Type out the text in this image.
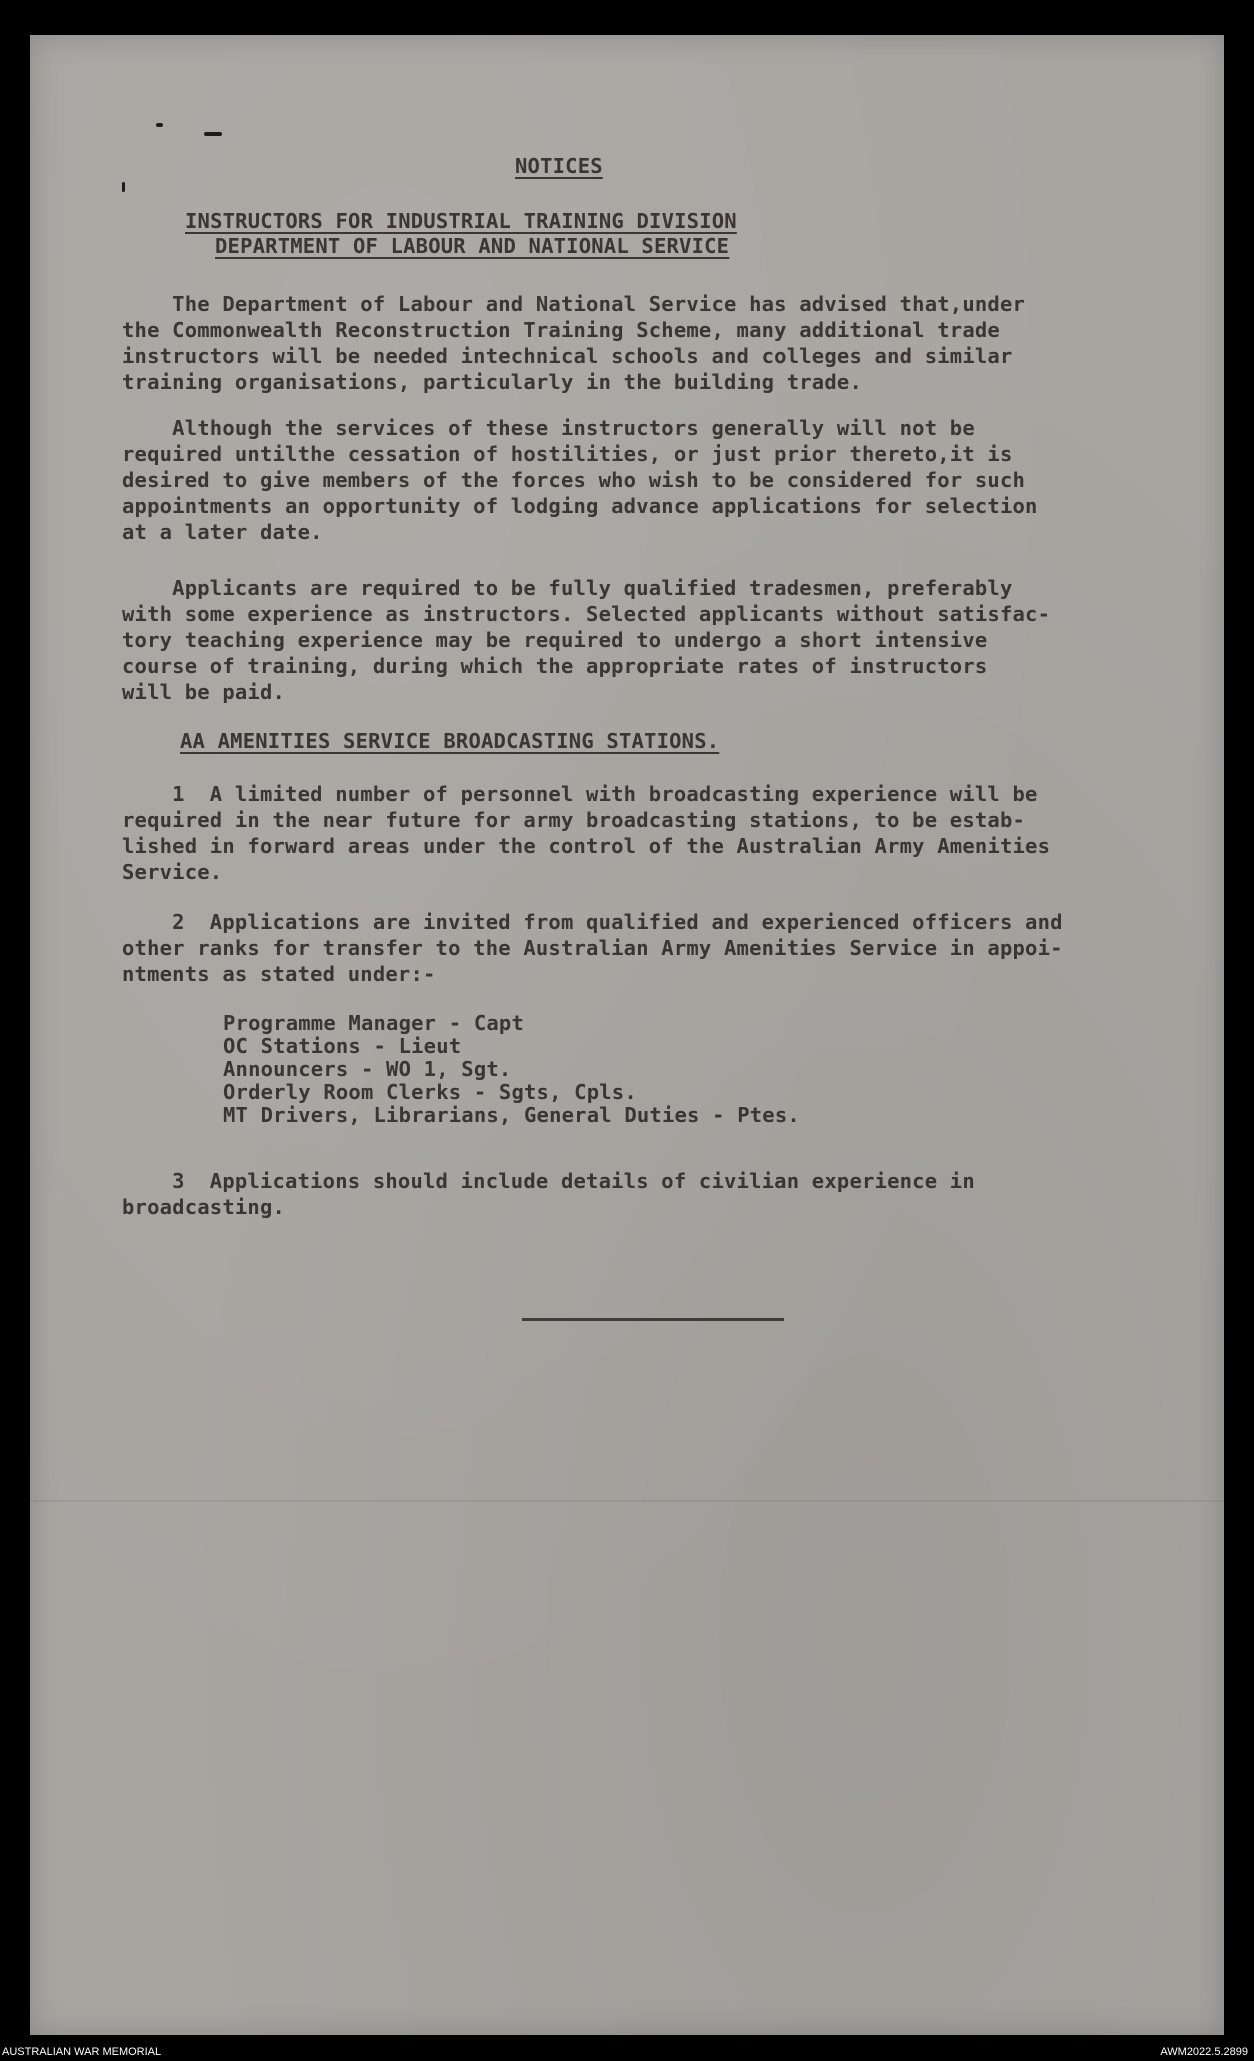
NOTICES
INSTRUCTORS FOR INDUSTRIAL TRAINING DIVISION
DEPARTMENT OF LABOUR AND NATIONAL SERVICE
The Department of Labour and National Service has advised that,under
the Commonwealth Reconstruction Training Scheme, many additional trade
instructors will be needed intechnical schools and colleges and similar
training organisations, particularly in the building trade.
Although the services of these instructors generally will not be
required untilthe cessation of hostilities, or just prior thereto,it is
desired to give members of the forces who wish to be considered for such
appointments an opportunity of lodging advance applications for selection
at a later date.
Applicants are required to be fully qualified tradesmen, preferably
with some experience as instructors. Selected applicants without satisfac-
tory teaching experience may be required to undergo a short intensive
course of training, during which the appropriate rates of instructors
will be paid.
AA AMENITIES SERVICE BROADCASTING STATIONS.
1  A limited number of personnel with broadcasting experience will be
required in the near future for army broadcasting stations, to be estab-
lished in forward areas under the control of the Australian Army Amenities
Service.
2  Applications are invited from qualified and experienced officers and
other ranks for transfer to the Australian Army Amenities Service in appoi-
ntments as stated under:-
Programme Manager - Capt
OC Stations - Lieut
Announcers - WO 1, Sgt.
Orderly Room Clerks - Sgts, Cpls.
MT Drivers, Librarians, General Duties - Ptes.
3  Applications should include details of civilian experience in
broadcasting.
AUSTRALIAN WAR MEMORIAL	AWM2022.5.2899
